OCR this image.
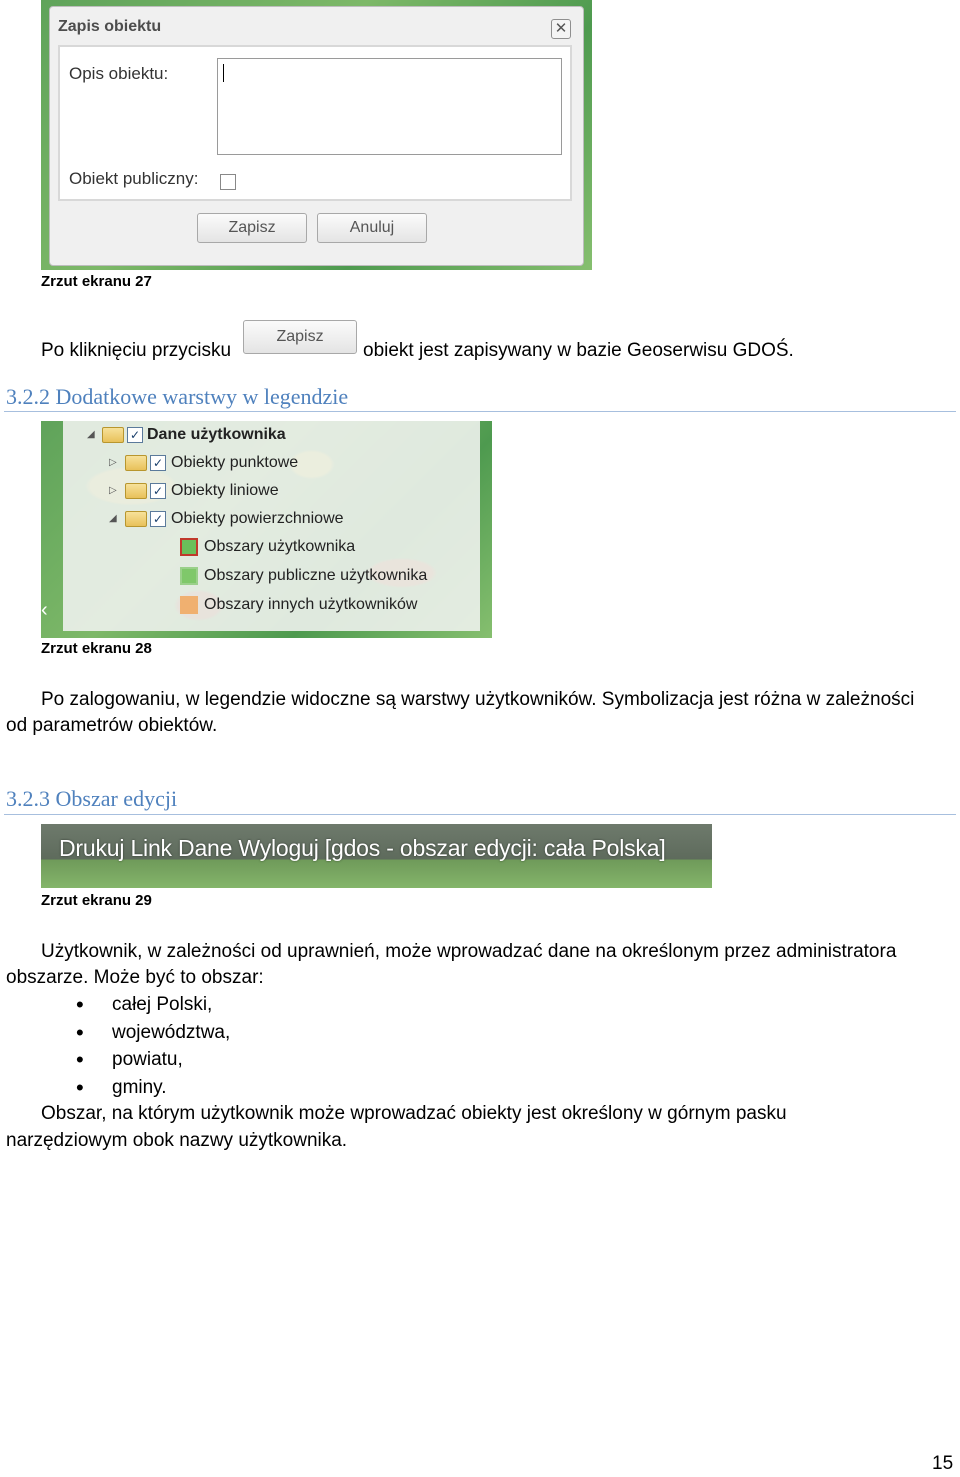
Zapis obiektu	✕
Opis obiektu:
Obiekt publiczny:
Zapisz	Anuluj
Zrzut ekranu 27
Po kliknięciu przycisku
Zapisz
obiekt jest zapisywany w bazie Geoserwisu GDOŚ.
3.2.2 Dodatkowe warstwy w legendzie
◢	✓ Dane użytkownika
▷	✓ Obiekty punktowe
▷	✓ Obiekty liniowe
◢	✓ Obiekty powierzchniowe
Obszary użytkownika
Obszary publiczne użytkownika
Obszary innych użytkowników
‹
Zrzut ekranu 28
Po zalogowaniu, w legendzie widoczne są warstwy użytkowników. Symbolizacja jest różna w zależności
od parametrów obiektów.
3.2.3 Obszar edycji
Drukuj Link Dane Wyloguj [gdos - obszar edycji: cała Polska]
Zrzut ekranu 29
Użytkownik, w zależności od uprawnień, może wprowadzać dane na określonym przez administratora
obszarze. Może być to obszar:
• całej Polski,
• województwa,
• powiatu,
• gminy.
Obszar, na którym użytkownik może wprowadzać obiekty jest określony w górnym pasku
narzędziowym obok nazwy użytkownika.
15
